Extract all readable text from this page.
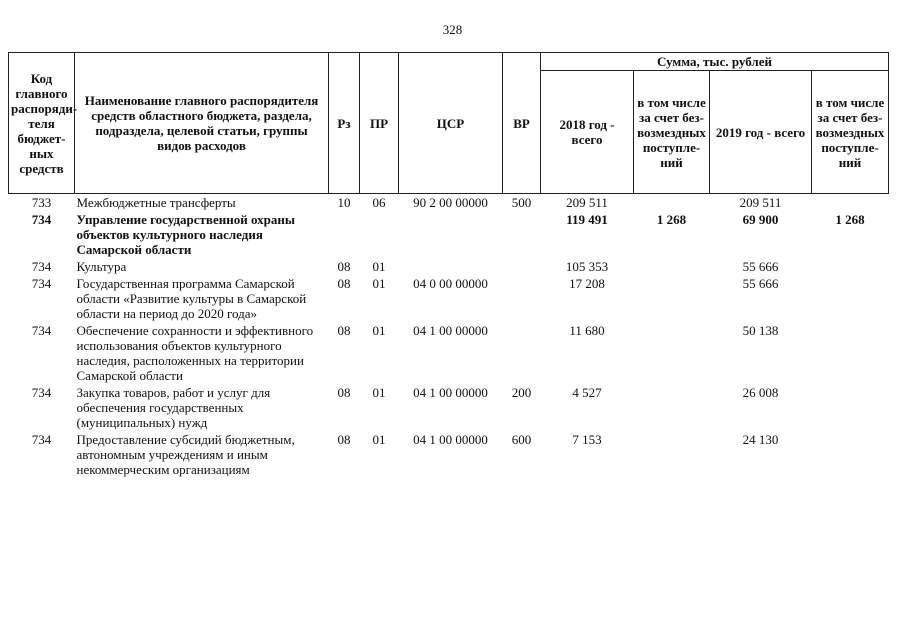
328
Код главного распорядителя бюджетных средств	Наименование главного распорядителя средств областного бюджета, раздела, подраздела, целевой статьи, группы видов расходов	Рз	ПР	ЦСР	ВР	Сумма, тыс. рублей			
						2018 год - всего	в том числе за счет безвозмездных поступлений	2019 год - всего	в том числе за счет безвозмездных поступлений
733	Межбюджетные трансферты	10	06	90 2 00 00000	500	209 511		209 511	
734	Управление государственной охраны объектов культурного наследия Самарской области					119 491	1 268	69 900	1 268
734	Культура	08	01			105 353		55 666	
734	Государственная программа Самарской области «Развитие культуры в Самарской области на период до 2020 года»	08	01	04 0 00 00000		17 208		55 666	
734	Обеспечение сохранности и эффективного использования объектов культурного наследия, расположенных на территории Самарской области	08	01	04 1 00 00000		11 680		50 138	
734	Закупка товаров, работ и услуг для обеспечения государственных (муниципальных) нужд	08	01	04 1 00 00000	200	4 527		26 008	
734	Предоставление субсидий бюджетным, автономным учреждениям и иным некоммерческим организациям	08	01	04 1 00 00000	600	7 153		24 130	
